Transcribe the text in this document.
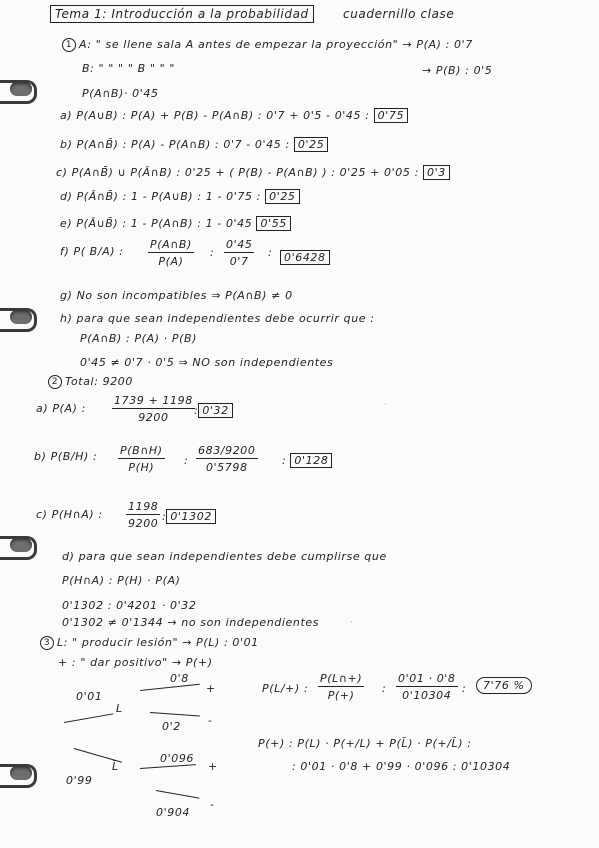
Tema 1: Introducción a la probabilidad	cuadernillo clase
1 A: " se llene sala A antes de empezar la proyección" → P(A) : 0'7
B: " " " " B " " "	→ P(B) : 0'5
P(A∩B)· 0'45
a) P(A∪B) : P(A) + P(B) - P(A∩B) : 0'7 + 0'5 - 0'45 : 0'75
b) P(A∩B̄) : P(A) - P(A∩B) : 0'7 - 0'45 : 0'25
c) P(A∩B̄) ∪ P(Ā∩B) : 0'25 + ( P(B) - P(A∩B) ) : 0'25 + 0'05 : 0'3
d) P(Ā∩B̄) : 1 - P(A∪B) : 1 - 0'75 : 0'25
e) P(Ā∪B̄) : 1 - P(A∩B) : 1 - 0'45 0'55
f) P( B/A) : $\frac{P(A\cap B)}{P(A)}$ : $\frac{0'45}{0'7}$ :	0'6428
g) No son incompatibles ⇒ P(A∩B) ≠ 0
h) para que sean independientes debe ocurrir que :
P(A∩B) : P(A) · P(B)
0'45 ≠ 0'7 · 0'5 ⇒ NO son independientes
2 Total: 9200
a) P(A) : $\frac{1739 + 1198}{9200}$ : 0'32
b) P(B/H) : $\frac{P(B\cap H)}{P(H)}$ : $\frac{683/9200}{0'5798}$ : 0'128
c) P(H∩A) : $\frac{1198}{9200}$ : 0'1302
d) para que sean independientes debe cumplirse que
P(H∩A) : P(H) · P(A)
0'1302 : 0'4201 · 0'32
0'1302 ≠ 0'1344 → no son independientes
3 L: " producir lesión" → P(L) : 0'01
+ : " dar positivo" → P(+)
0'01
L
0'8
+
0'2 -
L̄
0'99
0'096
+
0'904
-
P(L/+) : $\frac{P(L\cap+)}{P(+)}$ : $\frac{0'01 \cdot 0'8}{0'10304}$ :	7'76 %
P(+) : P(L) · P(+/L) + P(L̄) · P(+/L̄) :
: 0'01 · 0'8 + 0'99 · 0'096 : 0'10304
·
·
